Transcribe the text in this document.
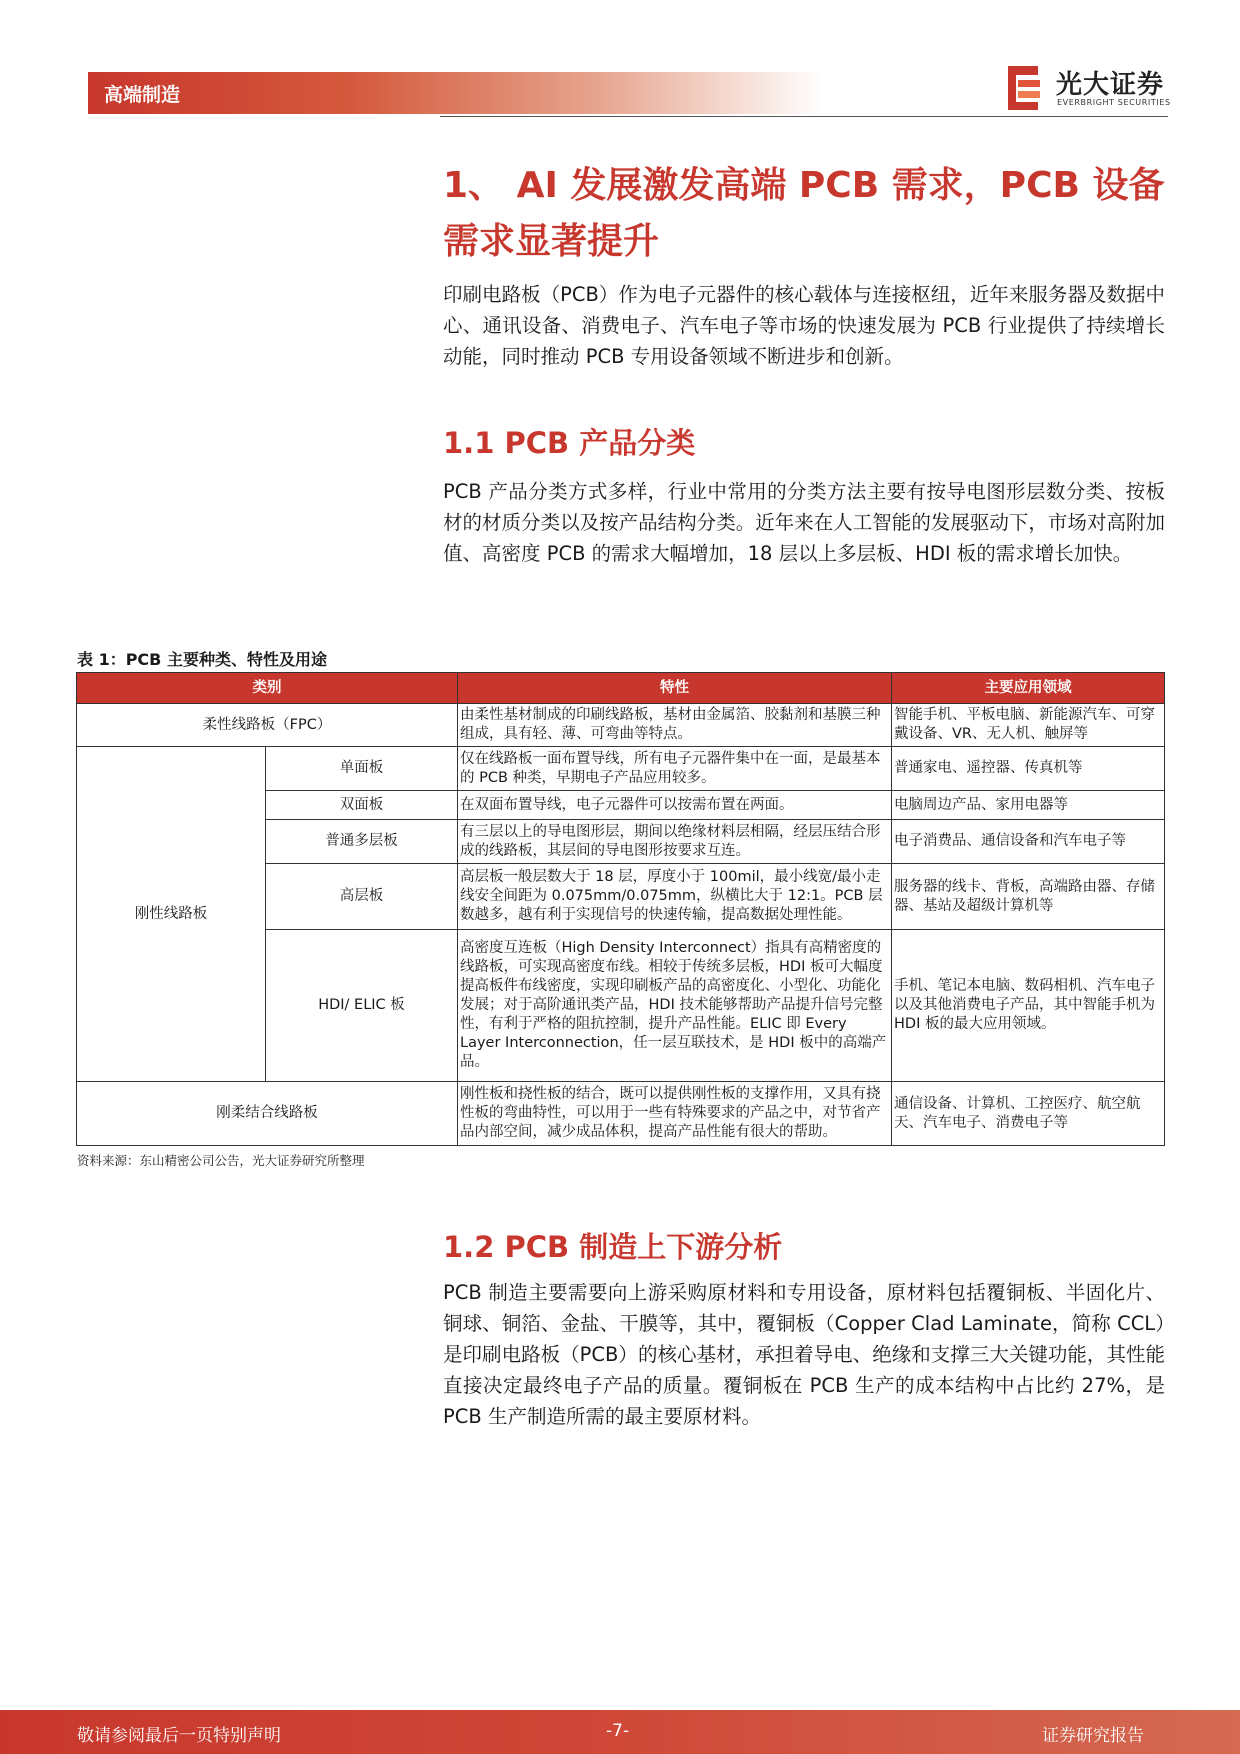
高端制造	光大证券
EVERBRIGHT SECURITIES
1、 AI 发展激发高端 PCB 需求，PCB 设备需求显著提升
印刷电路板（PCB）作为电子元器件的核心载体与连接枢纽，近年来服务器及数据中心、通讯设备、消费电子、汽车电子等市场的快速发展为 PCB 行业提供了持续增长动能，同时推动 PCB 专用设备领域不断进步和创新。
1.1 PCB 产品分类
PCB 产品分类方式多样，行业中常用的分类方法主要有按导电图形层数分类、按板材的材质分类以及按产品结构分类。近年来在人工智能的发展驱动下，市场对高附加值、高密度 PCB 的需求大幅增加，18 层以上多层板、HDI 板的需求增长加快。
表 1：PCB 主要种类、特性及用途
类别		特性	主要应用领域
柔性线路板（FPC）		由柔性基材制成的印刷线路板，基材由金属箔、胶黏剂和基膜三种组成，具有轻、薄、可弯曲等特点。	智能手机、平板电脑、新能源汽车、可穿戴设备、VR、无人机、触屏等
刚性线路板	单面板	仅在线路板一面布置导线，所有电子元器件集中在一面，是最基本的 PCB 种类，早期电子产品应用较多。	普通家电、遥控器、传真机等
	双面板	在双面布置导线，电子元器件可以按需布置在两面。	电脑周边产品、家用电器等
	普通多层板	有三层以上的导电图形层，期间以绝缘材料层相隔，经层压结合形成的线路板，其层间的导电图形按要求互连。	电子消费品、通信设备和汽车电子等
	高层板	高层板一般层数大于 18 层，厚度小于 100mil，最小线宽/最小走线安全间距为 0.075mm/0.075mm，纵横比大于 12:1。PCB 层数越多，越有利于实现信号的快速传输，提高数据处理性能。	服务器的线卡、背板，高端路由器、存储器、基站及超级计算机等
	HDI/ ELIC 板	高密度互连板（High Density Interconnect）指具有高精密度的线路板，可实现高密度布线。相较于传统多层板，HDI 板可大幅度提高板件布线密度，实现印刷板产品的高密度化、小型化、功能化发展；对于高阶通讯类产品，HDI 技术能够帮助产品提升信号完整性，有利于严格的阻抗控制，提升产品性能。ELIC 即 Every Layer Interconnection，任一层互联技术，是 HDI 板中的高端产品。	手机、笔记本电脑、数码相机、汽车电子以及其他消费电子产品，其中智能手机为 HDI 板的最大应用领域。
刚柔结合线路板		刚性板和挠性板的结合，既可以提供刚性板的支撑作用，又具有挠性板的弯曲特性，可以用于一些有特殊要求的产品之中，对节省产品内部空间，减少成品体积，提高产品性能有很大的帮助。	通信设备、计算机、工控医疗、航空航天、汽车电子、消费电子等
资料来源：东山精密公司公告，光大证券研究所整理
1.2 PCB 制造上下游分析
PCB 制造主要需要向上游采购原材料和专用设备，原材料包括覆铜板、半固化片、铜球、铜箔、金盐、干膜等，其中，覆铜板（Copper Clad Laminate，简称 CCL）是印刷电路板（PCB）的核心基材，承担着导电、绝缘和支撑三大关键功能，其性能直接决定最终电子产品的质量。覆铜板在 PCB 生产的成本结构中占比约 27%，是 PCB 生产制造所需的最主要原材料。
敬请参阅最后一页特别声明	-7-	证券研究报告
